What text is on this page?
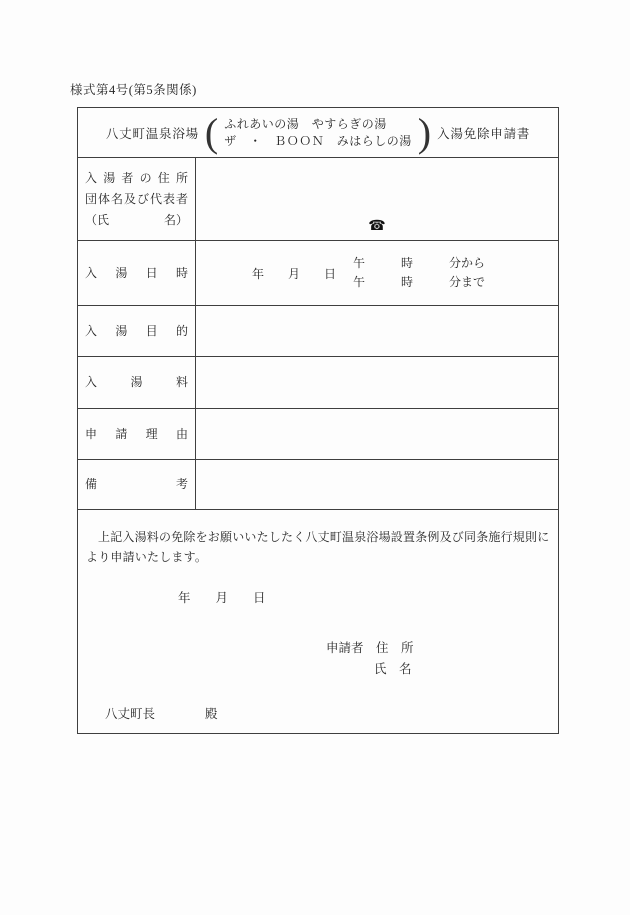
様式第4号(第5条関係)
八丈町温泉浴場 ( ふれあいの湯　やすらぎの湯
ザ　・　ＢＯＯＮ　みはらしの湯 ) 入湯免除申請書

入湯者の住所
団体名及び代表者
（氏 名）	☎

入湯日時	年　　月　　日
午　　　時　　　分から
午　　　時　　　分まで

入湯目的	

入湯料	

申請理由	

備考	

上記入湯料の免除をお願いいたしたく八丈町温泉浴場設置条例及び同条施行規則により申請いたします。
年　　月　　日
申請者　住　所
氏　名
八丈町長　　　　殿	
